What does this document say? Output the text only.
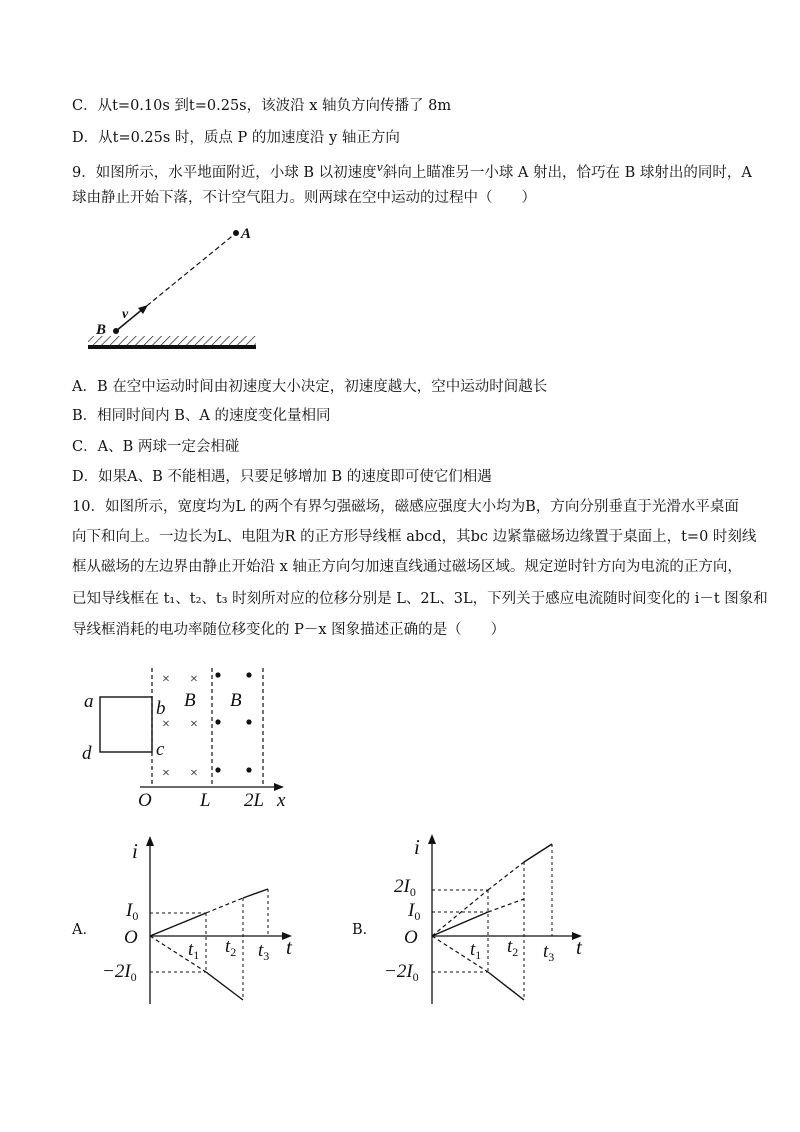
C．从t=0.10s 到t=0.25s，该波沿 x 轴负方向传播了 8m
D．从t=0.25s 时，质点 P 的加速度沿 y 轴正方向
9．如图所示，水平地面附近，小球 B 以初速度$^v$斜向上瞄准另一小球 A 射出，恰巧在 B 球射出的同时，A
球由静止开始下落，不计空气阻力。则两球在空中运动的过程中（　　）
A
B
v
A．B 在空中运动时间由初速度大小决定，初速度越大，空中运动时间越长
B．相同时间内 B、A 的速度变化量相同
C．A、B 两球一定会相碰
D．如果A、B 不能相遇，只要足够增加 B 的速度即可使它们相遇
10．如图所示，宽度均为L 的两个有界匀强磁场，磁感应强度大小均为B，方向分别垂直于光滑水平桌面
向下和向上。一边长为L、电阻为R 的正方形导线框 abcd，其bc 边紧靠磁场边缘置于桌面上，t=0 时刻线
框从磁场的左边界由静止开始沿 x 轴正方向匀加速直线通过磁场区域。规定逆时针方向为电流的正方向，
已知导线框在 t₁、t₂、t₃ 时刻所对应的位移分别是 L、2L、3L，下列关于感应电流随时间变化的 i－t 图象和
导线框消耗的电功率随位移变化的 P－x 图象描述正确的是（　　）
× ×
× ×
× ×
B B
a	b
c
d
O	L 2L x
A．
i
t
O
$I_0$
$-2I_0$
$t_1$ $t_2$ $t_3$
B．
i
t
O
$2I_0$
$I_0$
$-2I_0$
$t_1$ $t_2$ $t_3$
